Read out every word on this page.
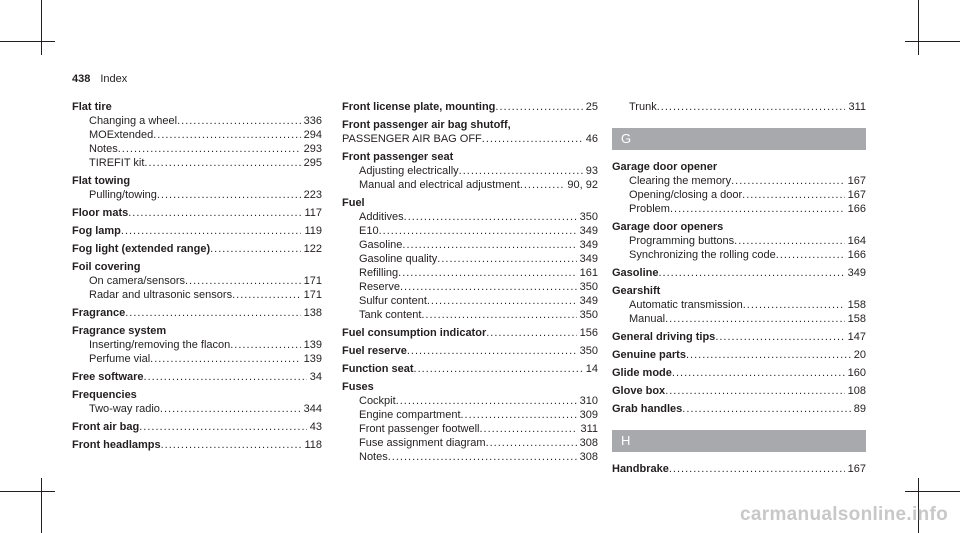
438 Index
Flat tire
Changing a wheel .....	336
MOExtended .....	294
Notes .....	293
TIREFIT kit .....	295
Flat towing
Pulling/towing .....	223
Floor mats .....	117
Fog lamp .....	119
Fog light (extended range) .....	122
Foil covering
On camera/sensors .....	171
Radar and ultrasonic sensors .....	171
Fragrance .....	138
Fragrance system
Inserting/removing the flacon .....	139
Perfume vial .....	139
Free software .....	34
Frequencies
Two-way radio .....	344
Front air bag .....	43
Front headlamps .....	118
Front license plate, mounting .....	25
Front passenger air bag shutoff,
PASSENGER AIR BAG OFF .....	46
Front passenger seat
Adjusting electrically .....	93
Manual and electrical adjustment .....	90, 92
Fuel
Additives .....	350
E10 .....	349
Gasoline .....	349
Gasoline quality .....	349
Refilling .....	161
Reserve .....	350
Sulfur content .....	349
Tank content .....	350
Fuel consumption indicator .....	156
Fuel reserve .....	350
Function seat .....	14
Fuses
Cockpit .....	310
Engine compartment .....	309
Front passenger footwell .....	311
Fuse assignment diagram .....	308
Notes .....	308
Trunk .....	311
G
Garage door opener
Clearing the memory .....	167
Opening/closing a door .....	167
Problem .....	166
Garage door openers
Programming buttons .....	164
Synchronizing the rolling code .....	166
Gasoline .....	349
Gearshift
Automatic transmission .....	158
Manual .....	158
General driving tips .....	147
Genuine parts .....	20
Glide mode .....	160
Glove box .....	108
Grab handles .....	89
H
Handbrake .....	167
carmanualsonline.info
